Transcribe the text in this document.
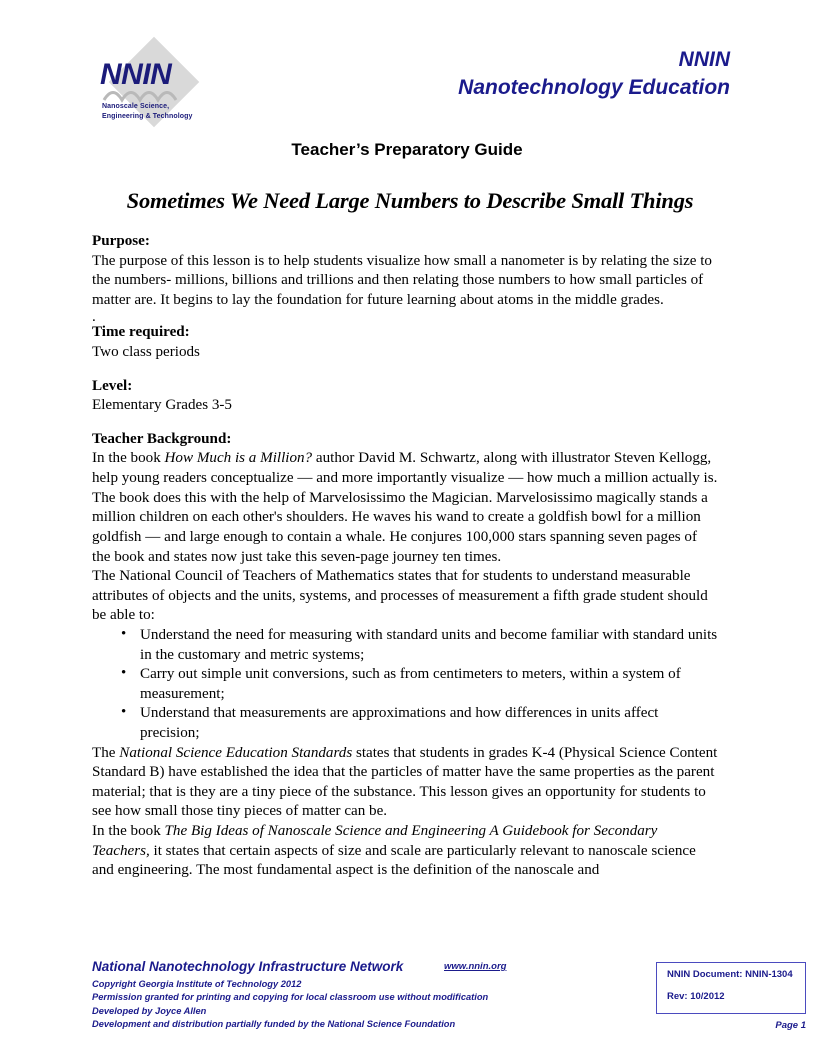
NNIN
Nanoscale Science,
Engineering & Technology
NNIN
Nanotechnology Education
Teacher’s Preparatory Guide
Sometimes We Need Large Numbers to Describe Small Things

Purpose:

The purpose of this lesson is to help students visualize how small a nanometer is by relating the size to the numbers- millions, billions and trillions and then relating those numbers to how small particles of matter are. It begins to lay the foundation for future learning about atoms in the middle grades.

.

Time required:

Two class periods

Level:

Elementary Grades 3-5

Teacher Background:

In the book How Much is a Million? author David M. Schwartz, along with illustrator Steven Kellogg, help young readers conceptualize — and more importantly visualize — how much a million actually is. The book does this with the help of Marvelosissimo the Magician. Marvelosissimo magically stands a million children on each other's shoulders. He waves his wand to create a goldfish bowl for a million goldfish — and large enough to contain a whale. He conjures 100,000 stars spanning seven pages of the book and states now just take this seven-page journey ten times.

The National Council of Teachers of Mathematics states that for students to understand measurable attributes of objects and the units, systems, and processes of measurement a fifth grade student should be able to:

• Understand the need for measuring with standard units and become familiar with standard units in the customary and metric systems;
• Carry out simple unit conversions, such as from centimeters to meters, within a system of measurement;
• Understand that measurements are approximations and how differences in units affect precision;

The National Science Education Standards states that students in grades K-4 (Physical Science Content Standard B) have established the idea that the particles of matter have the same properties as the parent material; that is they are a tiny piece of the substance. This lesson gives an opportunity for students to see how small those tiny pieces of matter can be.

In the book The Big Ideas of Nanoscale Science and Engineering A Guidebook for Secondary Teachers, it states that certain aspects of size and scale are particularly relevant to nanoscale science and engineering. The most fundamental aspect is the definition of the nanoscale and

National Nanotechnology Infrastructure Network	www.nnin.org
Copyright Georgia Institute of Technology 2012
Permission granted for printing and copying for local classroom use without modification
Developed by Joyce Allen
Development and distribution partially funded by the National Science Foundation
NNIN Document: NNIN-1304
Rev: 10/2012
Page 1
